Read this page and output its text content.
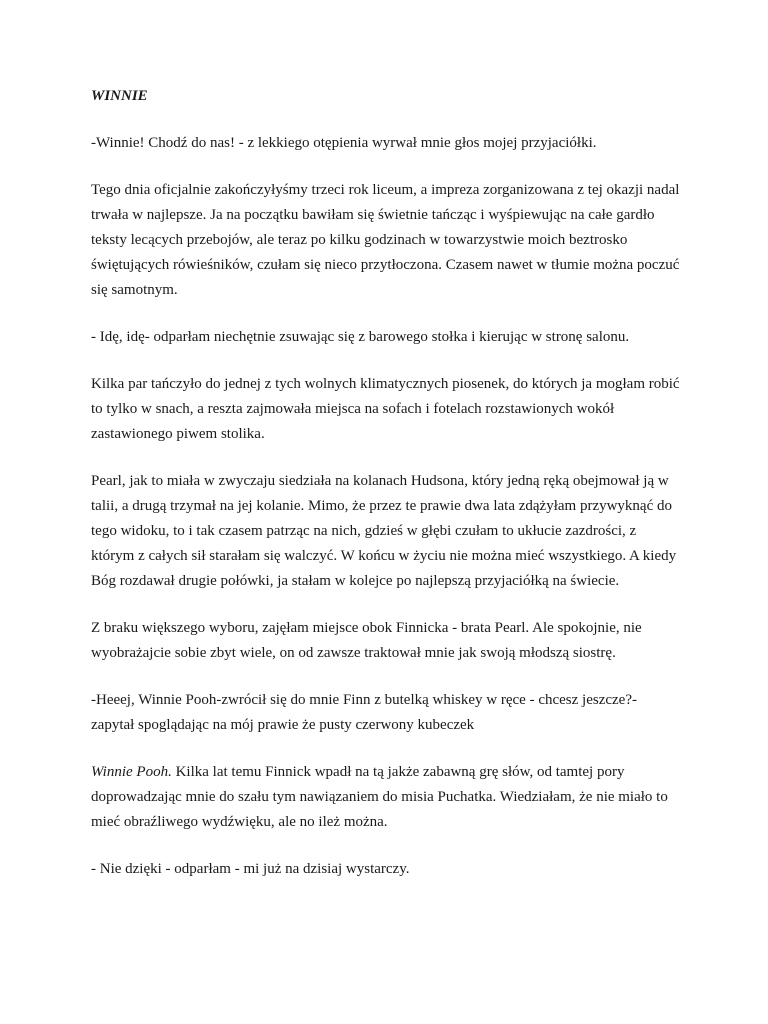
WINNIE

-Winnie! Chodź do nas! - z lekkiego otępienia wyrwał mnie głos mojej przyjaciółki.

Tego dnia oficjalnie zakończyłyśmy trzeci rok liceum, a impreza zorganizowana z tej okazji nadal trwała w najlepsze. Ja na początku bawiłam się świetnie tańcząc i wyśpiewując na całe gardło teksty lecących przebojów, ale teraz po kilku godzinach w towarzystwie moich beztrosko świętujących rówieśników, czułam się nieco przytłoczona. Czasem nawet w tłumie można poczuć się samotnym.

- Idę, idę- odparłam niechętnie zsuwając się z barowego stołka i kierując w stronę salonu.

Kilka par tańczyło do jednej z tych wolnych klimatycznych piosenek, do których ja mogłam robić to tylko w snach, a reszta zajmowała miejsca na sofach i fotelach rozstawionych wokół zastawionego piwem stolika.

Pearl, jak to miała w zwyczaju siedziała na kolanach Hudsona, który jedną ręką obejmował ją w talii, a drugą trzymał na jej kolanie. Mimo, że przez te prawie dwa lata zdążyłam przywyknąć do tego widoku, to i tak czasem patrząc na nich, gdzieś w głębi czułam to ukłucie zazdrości, z którym z całych sił starałam się walczyć. W końcu w życiu nie można mieć wszystkiego. A kiedy Bóg rozdawał drugie połówki, ja stałam w kolejce po najlepszą przyjaciółką na świecie.

Z braku większego wyboru, zajęłam miejsce obok Finnicka - brata Pearl. Ale spokojnie, nie wyobrażajcie sobie zbyt wiele, on od zawsze traktował mnie jak swoją młodszą siostrę.

-Heeej, Winnie Pooh-zwrócił się do mnie Finn z butelką whiskey w ręce - chcesz jeszcze?- zapytał spoglądając na mój prawie że pusty czerwony kubeczek

Winnie Pooh. Kilka lat temu Finnick wpadł na tą jakże zabawną grę słów, od tamtej pory doprowadzając mnie do szału tym nawiązaniem do misia Puchatka. Wiedziałam, że nie miało to mieć obraźliwego wydźwięku, ale no ileż można.

- Nie dzięki - odparłam - mi już na dzisiaj wystarczy.
